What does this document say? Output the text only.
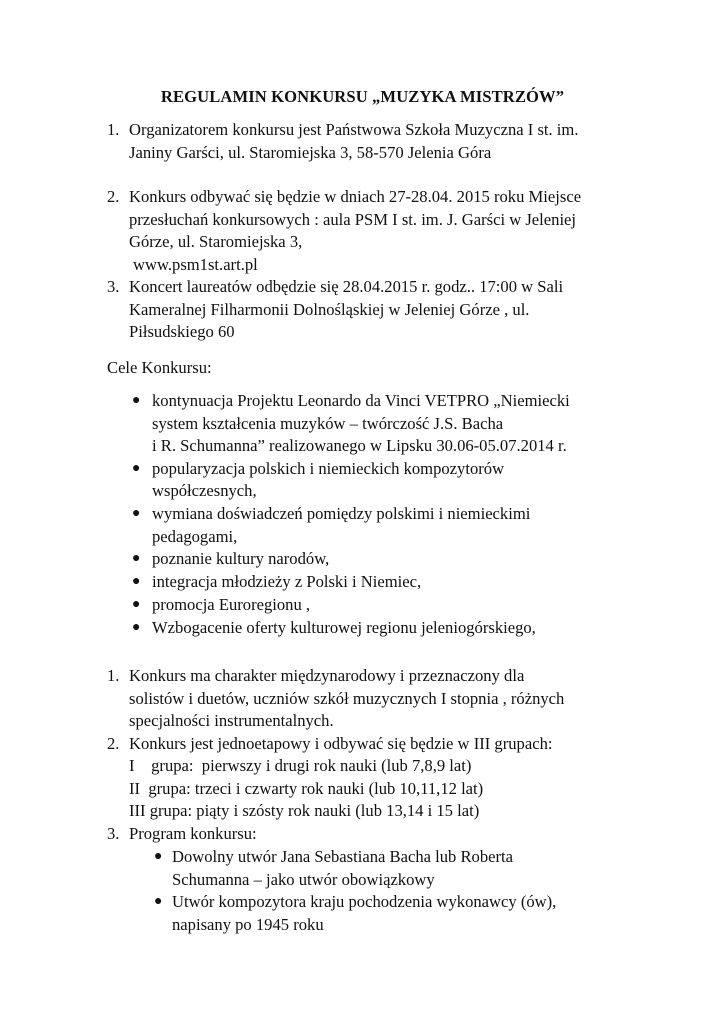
REGULAMIN KONKURSU „MUZYKA MISTRZÓW”
1. Organizatorem konkursu jest Państwowa Szkoła Muzyczna I st. im.
Janiny Garści, ul. Staromiejska 3, 58-570 Jelenia Góra
2. Konkurs odbywać się będzie w dniach 27-28.04. 2015 roku Miejsce
przesłuchań konkursowych : aula PSM I st. im. J. Garści w Jeleniej
Górze, ul. Staromiejska 3,
www.psm1st.art.pl
3. Koncert laureatów odbędzie się 28.04.2015 r. godz.. 17:00 w Sali
Kameralnej Filharmonii Dolnośląskiej w Jeleniej Górze , ul.
Piłsudskiego 60
Cele Konkursu:
● kontynuacja Projektu Leonardo da Vinci VETPRO „Niemiecki
system kształcenia muzyków – twórczość J.S. Bacha
i R. Schumanna” realizowanego w Lipsku 30.06-05.07.2014 r.
● popularyzacja polskich i niemieckich kompozytorów
współczesnych,
● wymiana doświadczeń pomiędzy polskimi i niemieckimi
pedagogami,
● poznanie kultury narodów,
● integracja młodzieży z Polski i Niemiec,
● promocja Euroregionu ,
● Wzbogacenie oferty kulturowej regionu jeleniogórskiego,
1. Konkurs ma charakter międzynarodowy i przeznaczony dla
solistów i duetów, uczniów szkół muzycznych I stopnia , różnych
specjalności instrumentalnych.
2. Konkurs jest jednoetapowy i odbywać się będzie w III grupach:
I    grupa:  pierwszy i drugi rok nauki (lub 7,8,9 lat)
II  grupa: trzeci i czwarty rok nauki (lub 10,11,12 lat)
III grupa: piąty i szósty rok nauki (lub 13,14 i 15 lat)
3. Program konkursu:
● Dowolny utwór Jana Sebastiana Bacha lub Roberta
Schumanna – jako utwór obowiązkowy
● Utwór kompozytora kraju pochodzenia wykonawcy (ów),
napisany po 1945 roku
